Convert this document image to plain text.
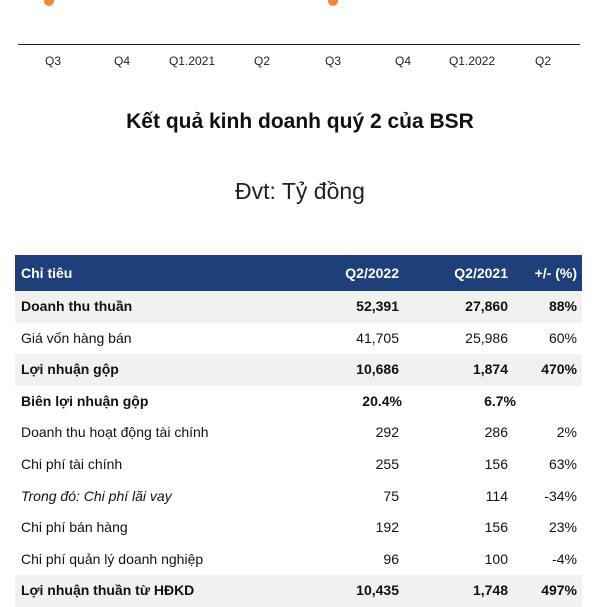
Q3	Q4	Q1.2021	Q2	Q3	Q4	Q1.2022	Q2
Kết quả kinh doanh quý 2 của BSR
Đvt: Tỷ đồng
Chỉ tiêu	Q2/2022	Q2/2021 +/- (%)
Doanh thu thuần	52,391	27,860	88%
Giá vốn hàng bán	41,705	25,986	60%
Lợi nhuận gộp	10,686	1,874 470%
Biên lợi nhuận gộp	20.4%	6.7%
Doanh thu hoạt động tài chính	292	286	2%
Chi phí tài chính	255	156	63%
Trong đó: Chi phí lãi vay	75	114	-34%
Chi phí bán hàng	192	156	23%
Chi phí quản lý doanh nghiệp	96	100	-4%
Lợi nhuận thuần từ HĐKD	10,435	1,748 497%
